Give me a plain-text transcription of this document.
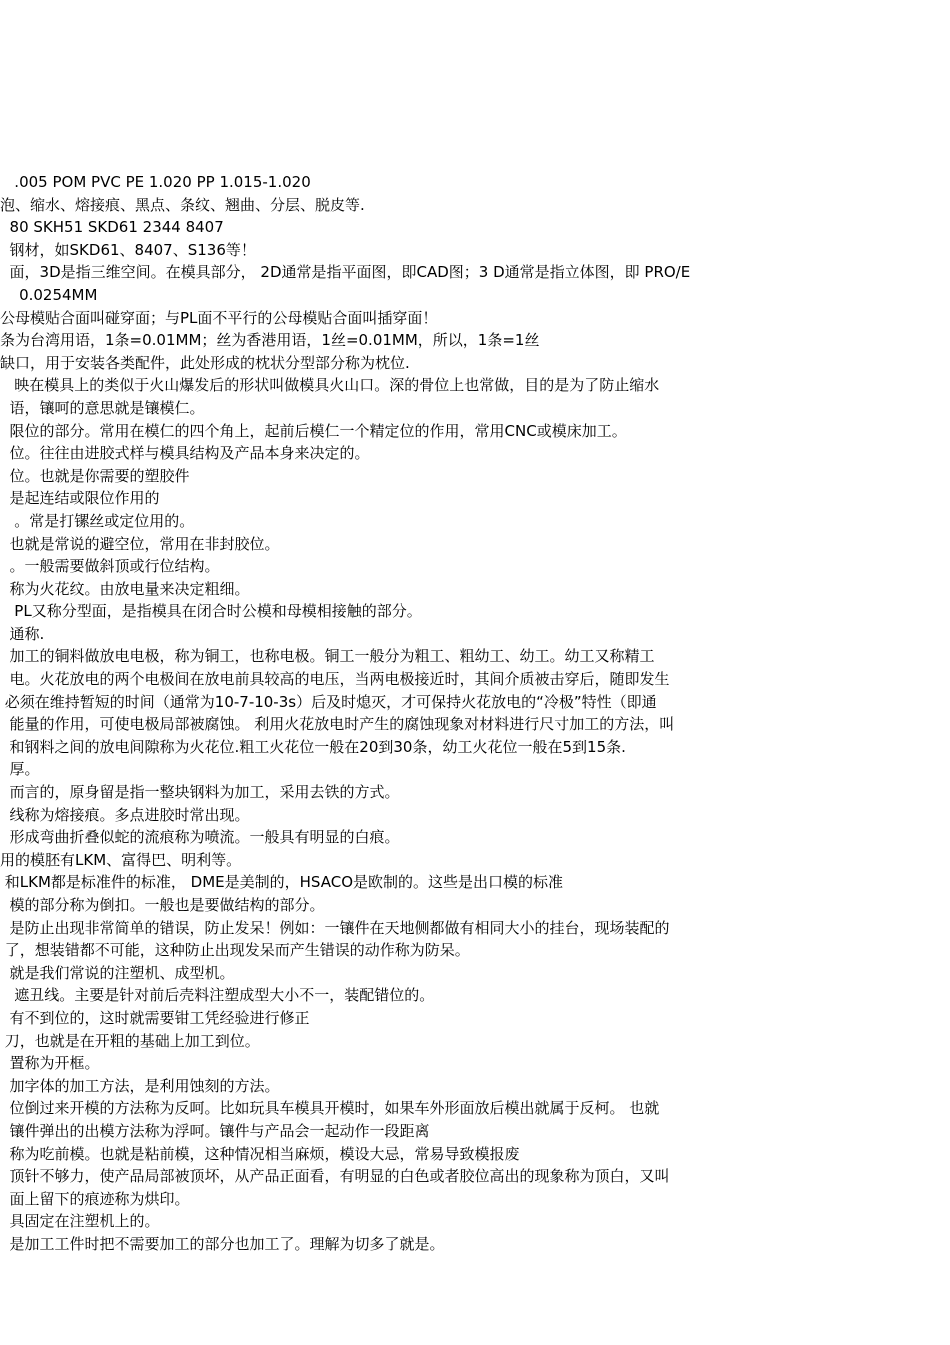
.005 POM PVC PE 1.020 PP 1.015-1.020
泡、缩水、熔接痕、黑点、条纹、翘曲、分层、脱皮等.
80 SKH51 SKD61 2344 8407
钢材，如SKD61、8407、S136等！
面，3D是指三维空间。在模具部分， 2D通常是指平面图，即CAD图；3 D通常是指立体图，即 PRO/E
0.0254MM
公母模贴合面叫碰穿面；与PL面不平行的公母模贴合面叫插穿面！
条为台湾用语，1条=0.01MM；丝为香港用语，1丝=0.01MM，所以，1条=1丝
缺口，用于安装各类配件，此处形成的枕状分型部分称为枕位.
映在模具上的类似于火山爆发后的形状叫做模具火山口。深的骨位上也常做，目的是为了防止缩水
语，镶呵的意思就是镶模仁。
限位的部分。常用在模仁的四个角上，起前后模仁一个精定位的作用，常用CNC或模床加工。
位。往往由进胶式样与模具结构及产品本身来决定的。
位。也就是你需要的塑胶件
是起连结或限位作用的
。常是打镙丝或定位用的。
也就是常说的避空位，常用在非封胶位。
。一般需要做斜顶或行位结构。
称为火花纹。由放电量来决定粗细。
PL又称分型面，是指模具在闭合时公模和母模相接触的部分。
通称.
加工的铜料做放电电极，称为铜工，也称电极。铜工一般分为粗工、粗幼工、幼工。幼工又称精工
电。火花放电的两个电极间在放电前具较高的电压，当两电极接近时，其间介质被击穿后，随即发生
必须在维持暂短的时间（通常为10-7-10-3s）后及时熄灭，才可保持火花放电的“冷极”特性（即通
能量的作用，可使电极局部被腐蚀。 利用火花放电时产生的腐蚀现象对材料进行尺寸加工的方法，叫
和钢料之间的放电间隙称为火花位.粗工火花位一般在20到30条，幼工火花位一般在5到15条.
厚。
而言的，原身留是指一整块钢料为加工，采用去铁的方式。
线称为熔接痕。多点进胶时常出现。
形成弯曲折叠似蛇的流痕称为喷流。一般具有明显的白痕。
用的模胚有LKM、富得巴、明利等。
和LKM都是标准件的标准， DME是美制的，HSACO是欧制的。这些是出口模的标准
模的部分称为倒扣。一般也是要做结构的部分。
是防止出现非常简单的错误，防止发呆！例如：一镶件在天地侧都做有相同大小的挂台，现场装配的
了，想装错都不可能，这种防止出现发呆而产生错误的动作称为防呆。
就是我们常说的注塑机、成型机。
遮丑线。主要是针对前后壳料注塑成型大小不一，装配错位的。
有不到位的，这时就需要钳工凭经验进行修正
刀，也就是在开粗的基础上加工到位。
置称为开框。
加字体的加工方法，是利用蚀刻的方法。
位倒过来开模的方法称为反呵。比如玩具车模具开模时，如果车外形面放后模出就属于反柯。 也就
镶件弹出的出模方法称为浮呵。镶件与产品会一起动作一段距离
称为吃前模。也就是粘前模，这种情况相当麻烦，模设大忌，常易导致模报废
顶针不够力，使产品局部被顶坏，从产品正面看，有明显的白色或者胶位高出的现象称为顶白，又叫
面上留下的痕迹称为烘印。
具固定在注塑机上的。
是加工工件时把不需要加工的部分也加工了。理解为切多了就是。
